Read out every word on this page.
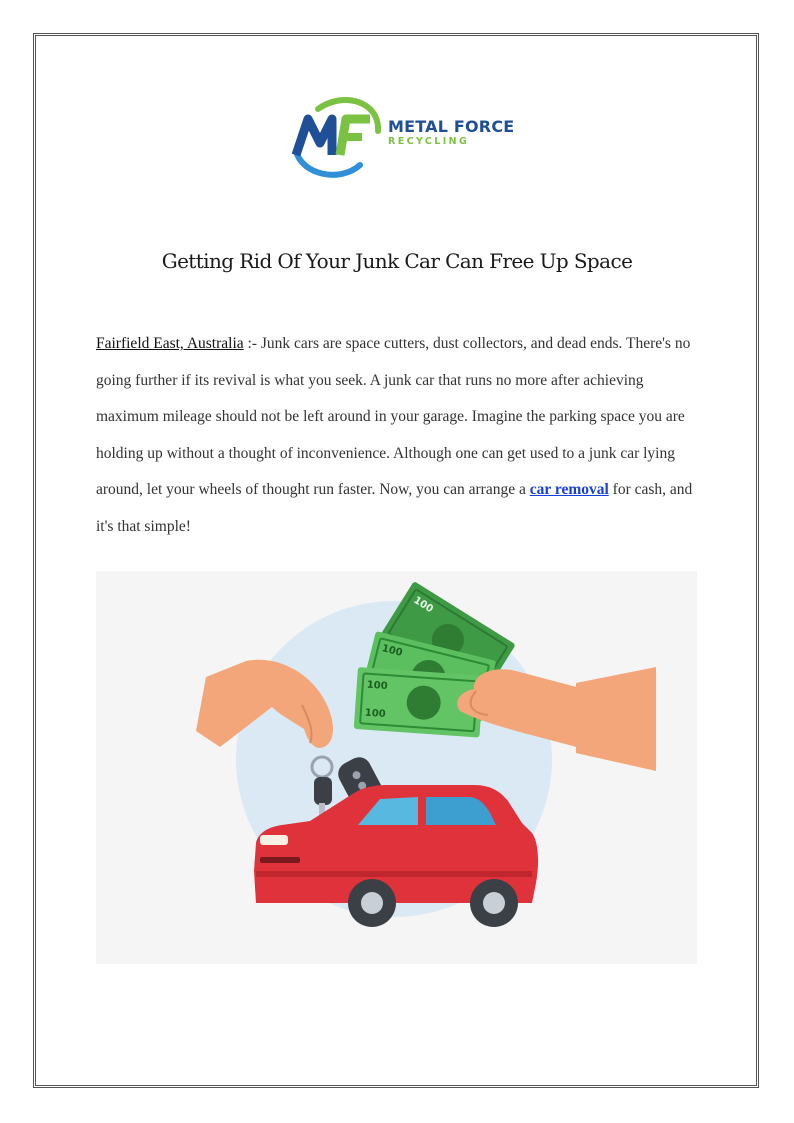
METAL FORCE
RECYCLING
Getting Rid Of Your Junk Car Can Free Up Space

Fairfield East, Australia :- Junk cars are space cutters, dust collectors, and dead ends. There's no going further if its revival is what you seek. A junk car that runs no more after achieving maximum mileage should not be left around in your garage. Imagine the parking space you are holding up without a thought of inconvenience. Although one can get used to a junk car lying around, let your wheels of thought run faster. Now, you can arrange a car removal for cash, and it's that simple!

100
100
100
100
